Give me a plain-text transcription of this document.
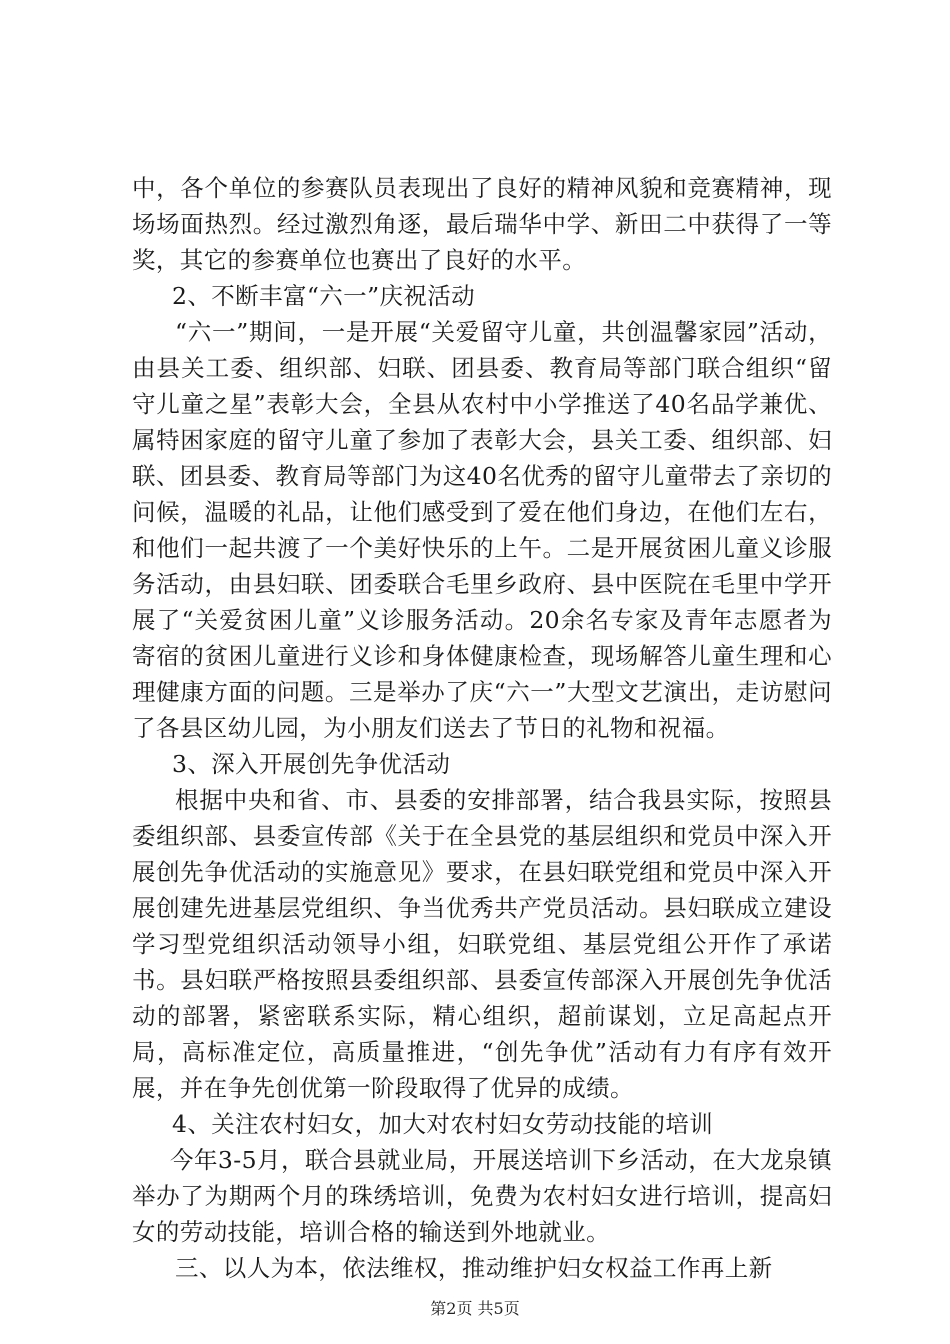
中，各个单位的参赛队员表现出了良好的精神风貌和竞赛精神，现场场面热烈。经过激烈角逐，最后瑞华中学、新田二中获得了一等奖，其它的参赛单位也赛出了良好的水平。

2、不断丰富“六一”庆祝活动

“六一”期间，一是开展“关爱留守儿童，共创温馨家园”活动，由县关工委、组织部、妇联、团县委、教育局等部门联合组织“留守儿童之星”表彰大会，全县从农村中小学推送了40名品学兼优、属特困家庭的留守儿童了参加了表彰大会，县关工委、组织部、妇联、团县委、教育局等部门为这40名优秀的留守儿童带去了亲切的问候，温暖的礼品，让他们感受到了爱在他们身边，在他们左右，和他们一起共渡了一个美好快乐的上午。二是开展贫困儿童义诊服务活动，由县妇联、团委联合毛里乡政府、县中医院在毛里中学开展了“关爱贫困儿童”义诊服务活动。20余名专家及青年志愿者为寄宿的贫困儿童进行义诊和身体健康检查，现场解答儿童生理和心理健康方面的问题。三是举办了庆“六一”大型文艺演出，走访慰问了各县区幼儿园，为小朋友们送去了节日的礼物和祝福。

3、深入开展创先争优活动

根据中央和省、市、县委的安排部署，结合我县实际，按照县委组织部、县委宣传部《关于在全县党的基层组织和党员中深入开展创先争优活动的实施意见》要求，在县妇联党组和党员中深入开展创建先进基层党组织、争当优秀共产党员活动。县妇联成立建设学习型党组织活动领导小组，妇联党组、基层党组公开作了承诺书。县妇联严格按照县委组织部、县委宣传部深入开展创先争优活动的部署，紧密联系实际，精心组织，超前谋划，立足高起点开局，高标准定位，高质量推进，“创先争优”活动有力有序有效开展，并在争先创优第一阶段取得了优异的成绩。

4、关注农村妇女，加大对农村妇女劳动技能的培训

今年3-5月，联合县就业局，开展送培训下乡活动，在大龙泉镇举办了为期两个月的珠绣培训，免费为农村妇女进行培训，提高妇女的劳动技能，培训合格的输送到外地就业。

三、以人为本，依法维权，推动维护妇女权益工作再上新

第2页 共5页
